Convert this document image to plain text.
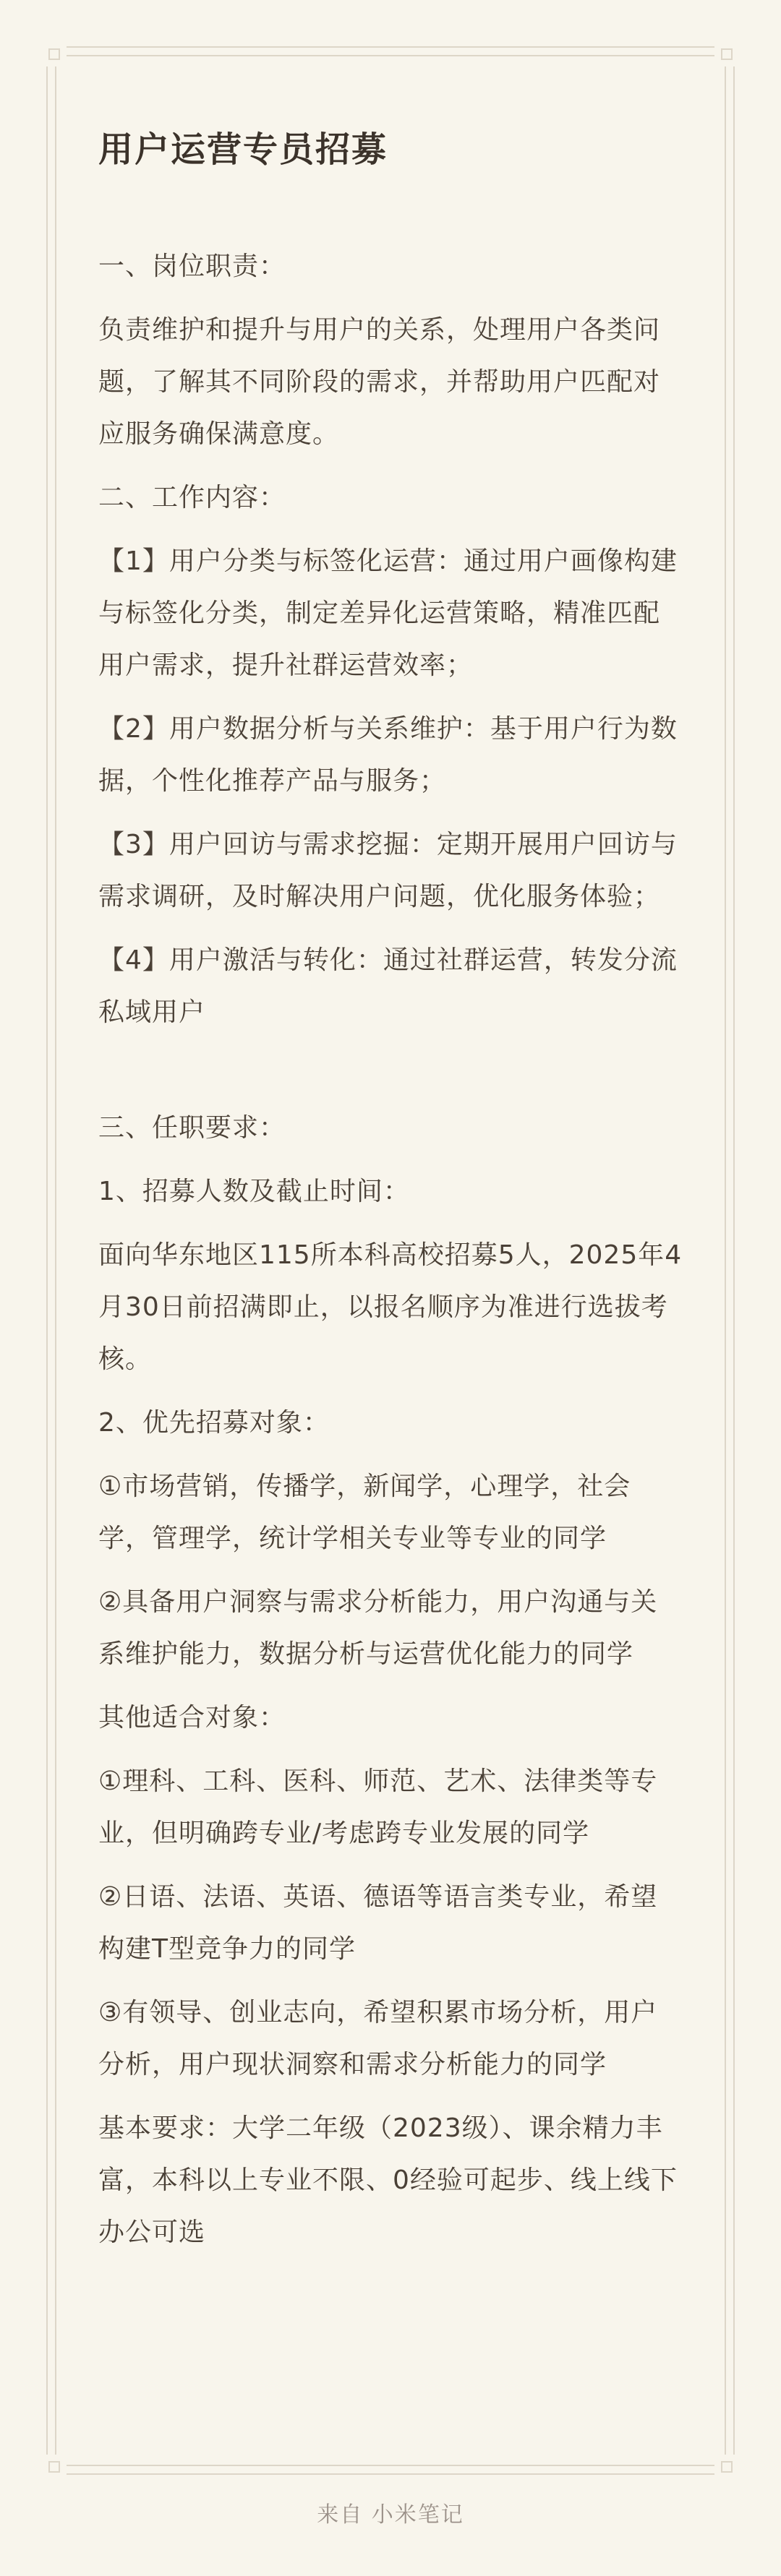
用户运营专员招募

一、岗位职责：

负责维护和提升与用户的关系，处理用户各类问题，了解其不同阶段的需求，并帮助用户匹配对应服务确保满意度。

二、工作内容：

【1】用户分类与标签化运营：通过用户画像构建与标签化分类，制定差异化运营策略，精准匹配用户需求，提升社群运营效率；

【2】用户数据分析与关系维护：基于用户行为数据，个性化推荐产品与服务；

【3】用户回访与需求挖掘：定期开展用户回访与需求调研，及时解决用户问题，优化服务体验；

【4】用户激活与转化：通过社群运营，转发分流私域用户

三、任职要求：

1、招募人数及截止时间：

面向华东地区115所本科高校招募5人，2025年4月30日前招满即止，以报名顺序为准进行选拔考核。

2、优先招募对象：

①市场营销，传播学，新闻学，心理学，社会学，管理学，统计学相关专业等专业的同学

②具备用户洞察与需求分析能力，用户沟通与关系维护能力，数据分析与运营优化能力的同学

其他适合对象：

①理科、工科、医科、师范、艺术、法律类等专业，但明确跨专业/考虑跨专业发展的同学

②日语、法语、英语、德语等语言类专业，希望构建T型竞争力的同学

③有领导、创业志向，希望积累市场分析，用户分析，用户现状洞察和需求分析能力的同学

基本要求：大学二年级（2023级）、课余精力丰富，本科以上专业不限、0经验可起步、线上线下办公可选

来自 小米笔记
